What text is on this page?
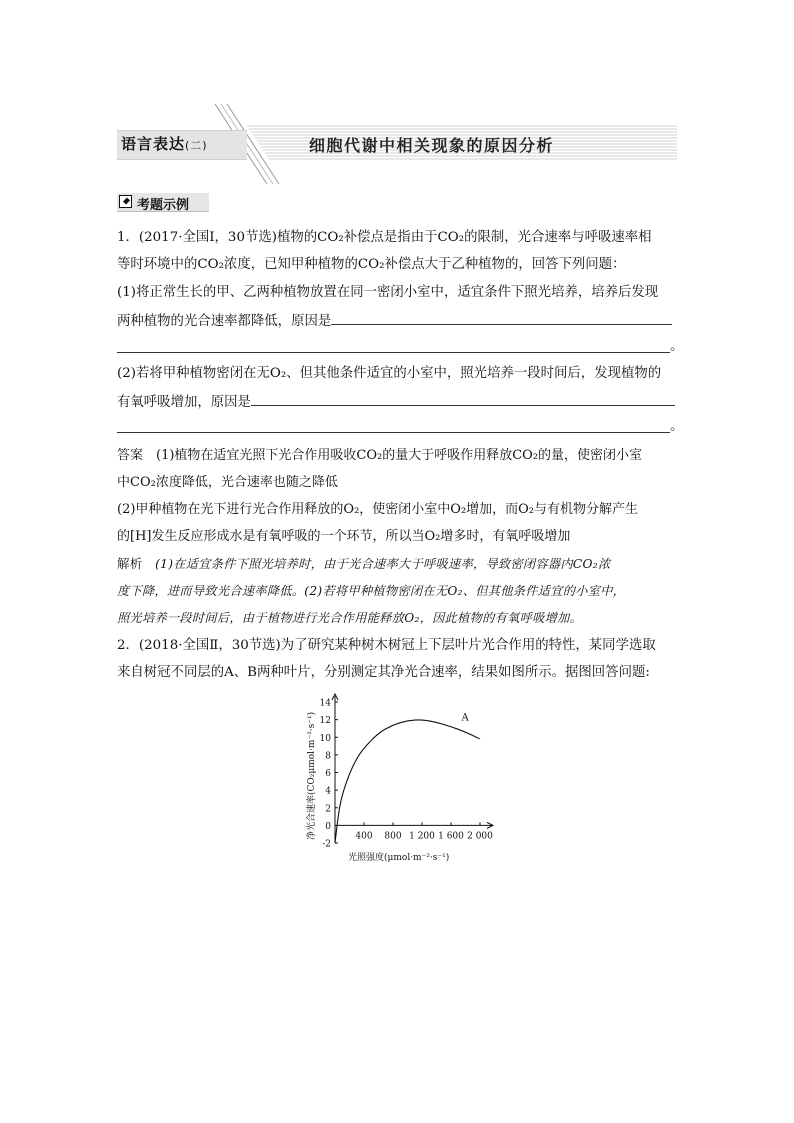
语言表达(二)	细胞代谢中相关现象的原因分析
考题示例
1．(2017·全国Ⅰ，30节选)植物的CO₂补偿点是指由于CO₂的限制，光合速率与呼吸速率相
等时环境中的CO₂浓度，已知甲种植物的CO₂补偿点大于乙种植物的，回答下列问题：
(1)将正常生长的甲、乙两种植物放置在同一密闭小室中，适宜条件下照光培养，培养后发现
两种植物的光合速率都降低，原因是
。
(2)若将甲种植物密闭在无O₂、但其他条件适宜的小室中，照光培养一段时间后，发现植物的
有氧呼吸增加，原因是
。
答案　(1)植物在适宜光照下光合作用吸收CO₂的量大于呼吸作用释放CO₂的量，使密闭小室
中CO₂浓度降低，光合速率也随之降低
(2)甲种植物在光下进行光合作用释放的O₂，使密闭小室中O₂增加，而O₂与有机物分解产生
的[H]发生反应形成水是有氧呼吸的一个环节，所以当O₂增多时，有氧呼吸增加
解析　(1)在适宜条件下照光培养时，由于光合速率大于呼吸速率，导致密闭容器内CO₂浓
度下降，进而导致光合速率降低。(2)若将甲种植物密闭在无O₂、但其他条件适宜的小室中，
照光培养一段时间后，由于植物进行光合作用能释放O₂，因此植物的有氧呼吸增加。
2．(2018·全国Ⅱ，30节选)为了研究某种树木树冠上下层叶片光合作用的特性，某同学选取
来自树冠不同层的A、B两种叶片，分别测定其净光合速率，结果如图所示。据图回答问题:
14
12
10
8
6
4
2
0
-2
400 800 1 200 1 600 2 000
光照强度(μmol·m⁻²·s⁻¹)
净光合速率(CO₂μmol·m⁻²·s⁻¹)	A
